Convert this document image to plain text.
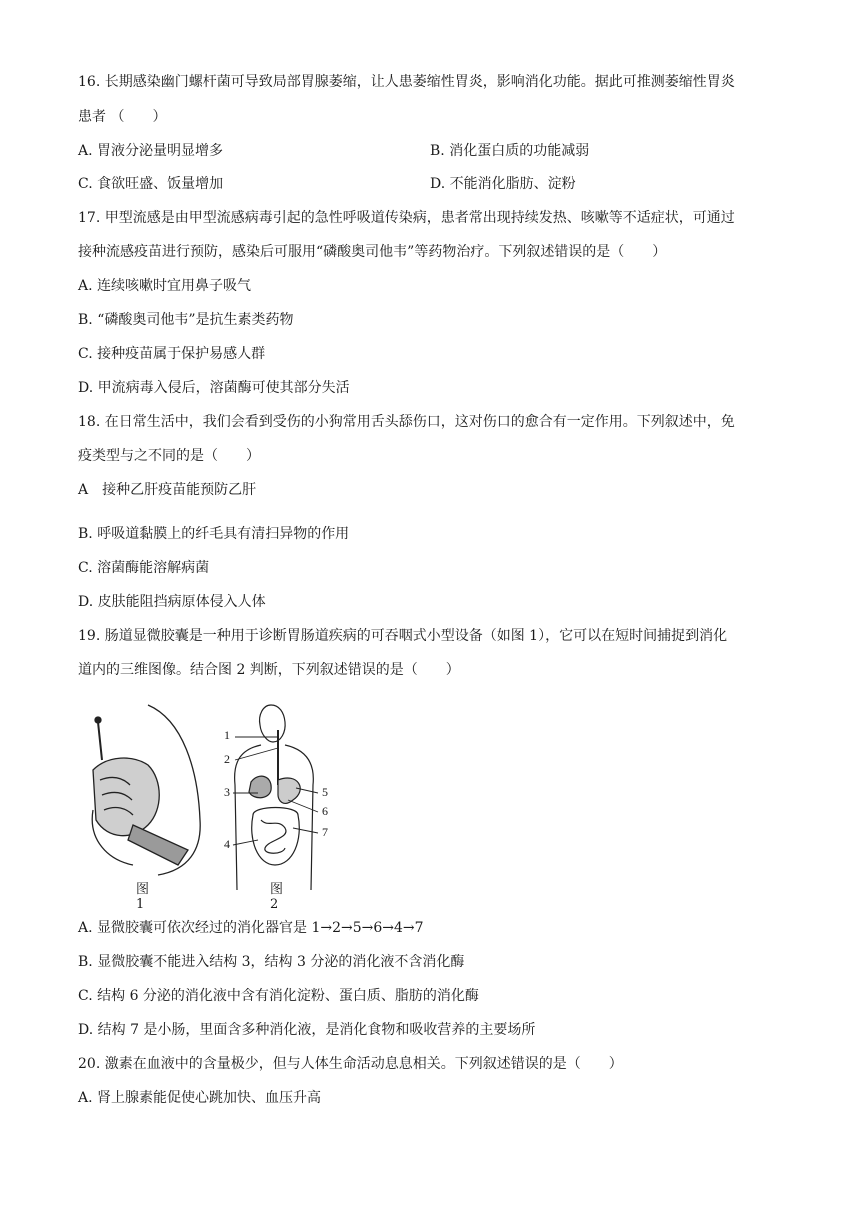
16. 长期感染幽门螺杆菌可导致局部胃腺萎缩，让人患萎缩性胃炎，影响消化功能。据此可推测萎缩性胃炎
患者 （　　）
A. 胃液分泌量明显增多	B. 消化蛋白质的功能减弱
C. 食欲旺盛、饭量增加	D. 不能消化脂肪、淀粉
17. 甲型流感是由甲型流感病毒引起的急性呼吸道传染病，患者常出现持续发热、咳嗽等不适症状，可通过
接种流感疫苗进行预防，感染后可服用“磷酸奥司他韦”等药物治疗。下列叙述错误的是（　　）
A. 连续咳嗽时宜用鼻子吸气
B. “磷酸奥司他韦”是抗生素类药物
C. 接种疫苗属于保护易感人群
D. 甲流病毒入侵后，溶菌酶可使其部分失活
18. 在日常生活中，我们会看到受伤的小狗常用舌头舔伤口，这对伤口的愈合有一定作用。下列叙述中，免
疫类型与之不同的是（　　）
A　接种乙肝疫苗能预防乙肝
B. 呼吸道黏膜上的纤毛具有清扫异物的作用
C. 溶菌酶能溶解病菌
D. 皮肤能阻挡病原体侵入人体
19. 肠道显微胶囊是一种用于诊断胃肠道疾病的可吞咽式小型设备（如图 1），它可以在短时间捕捉到消化
道内的三维图像。结合图 2 判断，下列叙述错误的是（　　）
1
2
3
4
5
6
7
图1
图2
A. 显微胶囊可依次经过的消化器官是 1→2→5→6→4→7
B. 显微胶囊不能进入结构 3，结构 3 分泌的消化液不含消化酶
C. 结构 6 分泌的消化液中含有消化淀粉、蛋白质、脂肪的消化酶
D. 结构 7 是小肠，里面含多种消化液，是消化食物和吸收营养的主要场所
20. 激素在血液中的含量极少，但与人体生命活动息息相关。下列叙述错误的是（　　）
A. 肾上腺素能促使心跳加快、血压升高
